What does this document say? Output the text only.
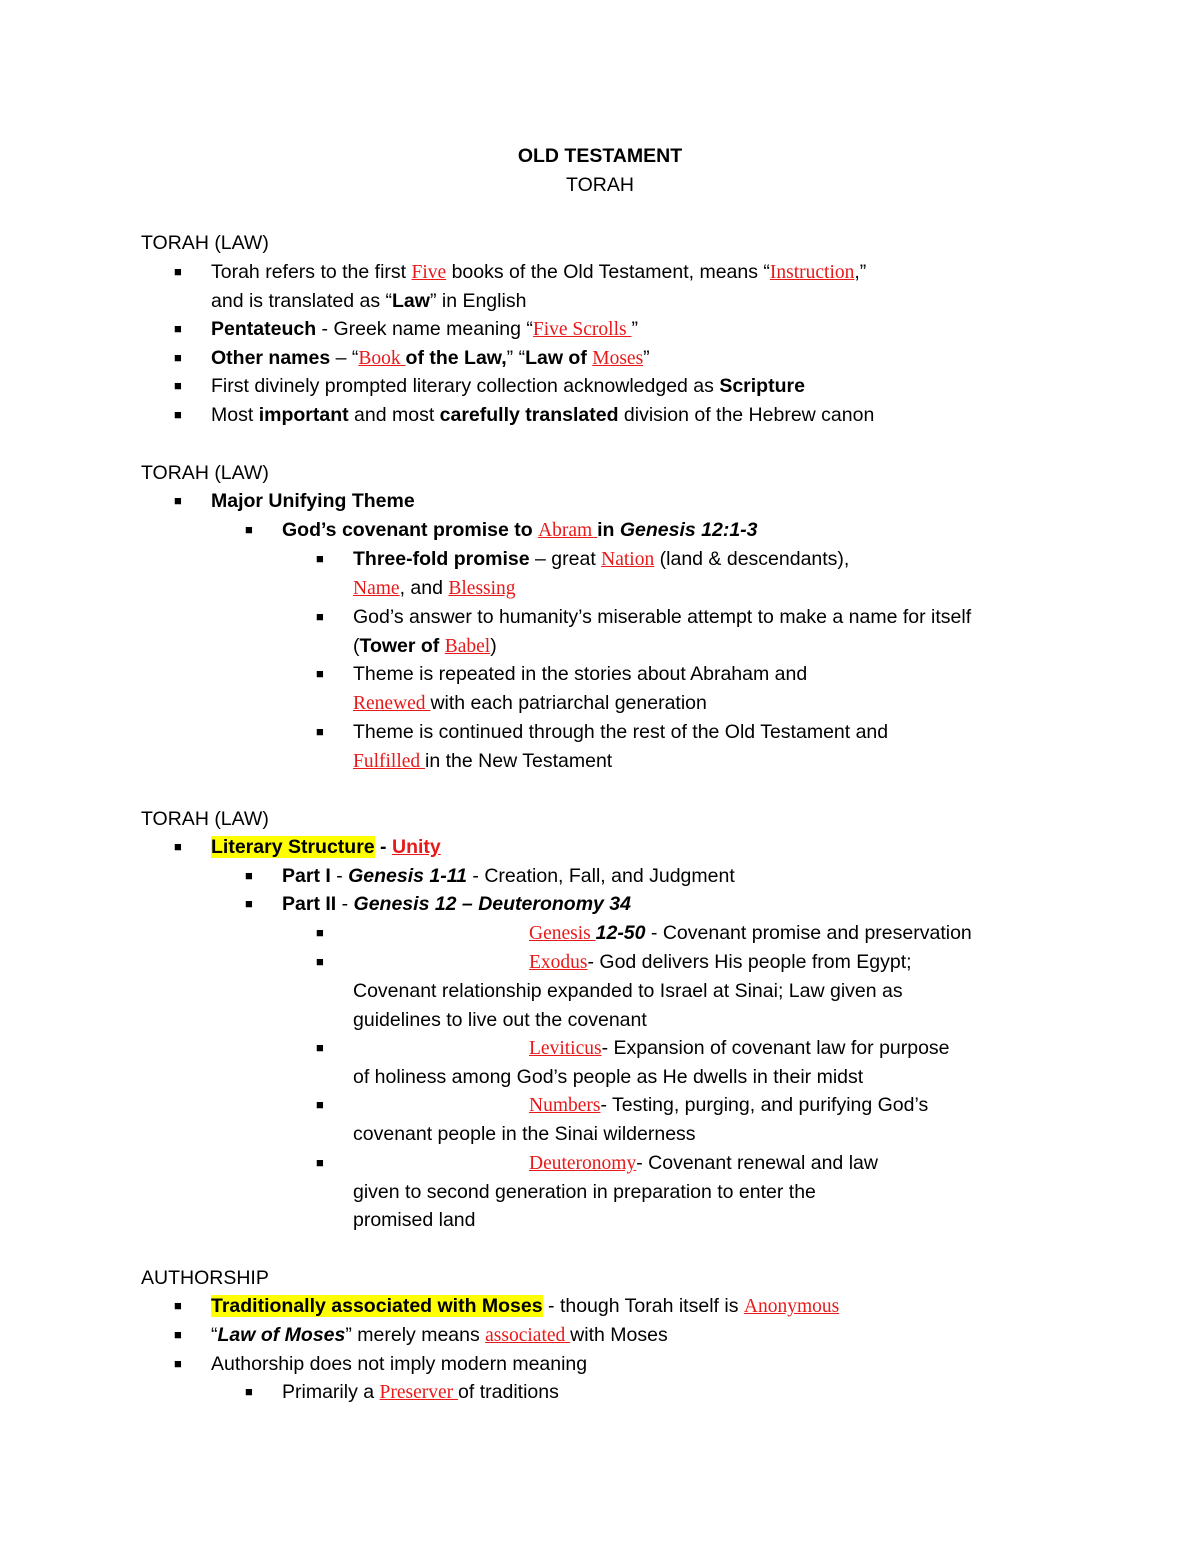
OLD TESTAMENT
TORAH
TORAH (LAW)
■ Torah refers to the first Five books of the Old Testament, means “Instruction,”
and is translated as “Law” in English
■ Pentateuch - Greek name meaning “Five Scrolls ”
■ Other names – “Book of the Law,” “Law of Moses”
■ First divinely prompted literary collection acknowledged as Scripture
■ Most important and most carefully translated division of the Hebrew canon
TORAH (LAW)
■ Major Unifying Theme
■ God’s covenant promise to Abram in Genesis 12:1-3
■ Three-fold promise – great Nation (land & descendants),
Name, and Blessing
■ God’s answer to humanity’s miserable attempt to make a name for itself
(Tower of Babel)
■ Theme is repeated in the stories about Abraham and
Renewed with each patriarchal generation
■ Theme is continued through the rest of the Old Testament and
Fulfilled in the New Testament
TORAH (LAW)
■ Literary Structure - Unity
■ Part I - Genesis 1-11 - Creation, Fall, and Judgment
■ Part II - Genesis 12 – Deuteronomy 34
■	Genesis 12-50 - Covenant promise and preservation
■	Exodus- God delivers His people from Egypt;
Covenant relationship expanded to Israel at Sinai; Law given as
guidelines to live out the covenant
■	Leviticus- Expansion of covenant law for purpose
of holiness among God’s people as He dwells in their midst
■	Numbers- Testing, purging, and purifying God’s
covenant people in the Sinai wilderness
■	Deuteronomy- Covenant renewal and law
given to second generation in preparation to enter the
promised land
AUTHORSHIP
■ Traditionally associated with Moses - though Torah itself is Anonymous
■ “Law of Moses” merely means associated with Moses
■ Authorship does not imply modern meaning
■ Primarily a Preserver of traditions
